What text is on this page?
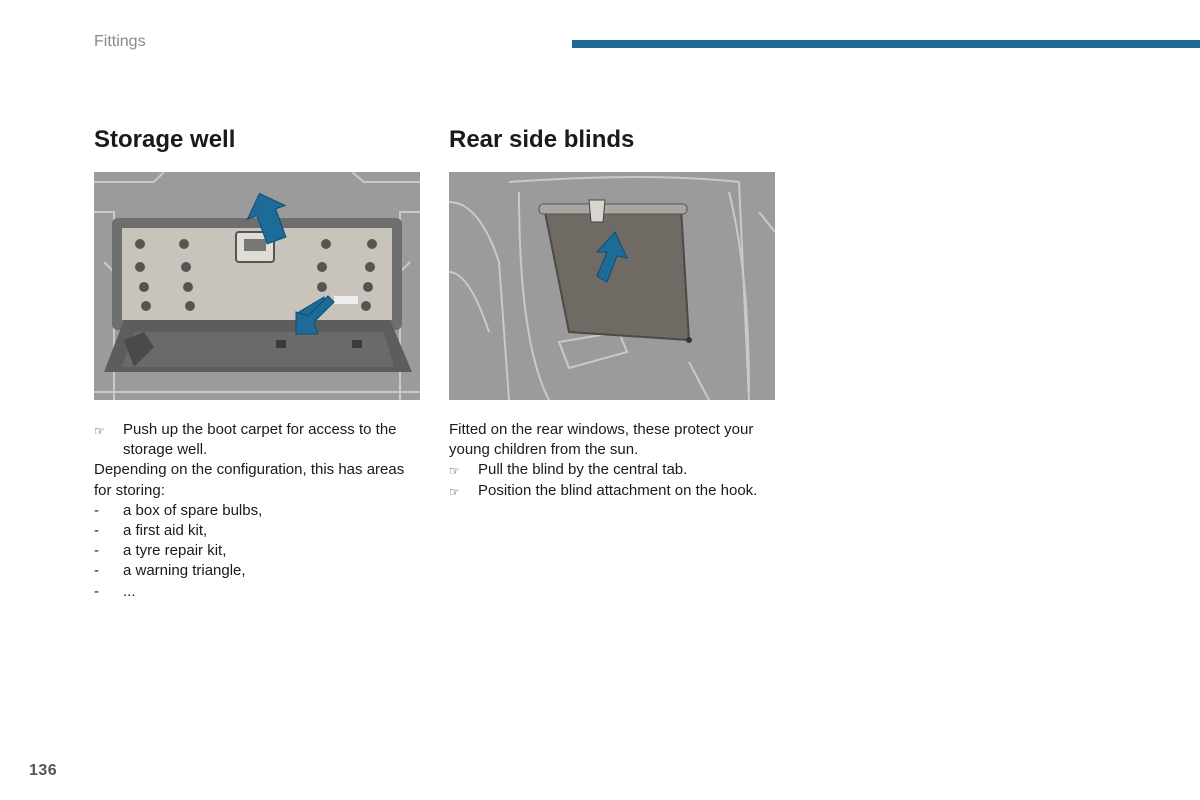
Fittings
Storage well
☞	Push up the boot carpet for access to the storage well.
Depending on the configuration, this has areas for storing:
-	a box of spare bulbs,
-	a first aid kit,
-	a tyre repair kit,
-	a warning triangle,
-	...
Rear side blinds
Fitted on the rear windows, these protect your young children from the sun.
☞	Pull the blind by the central tab.
☞	Position the blind attachment on the hook.
136
